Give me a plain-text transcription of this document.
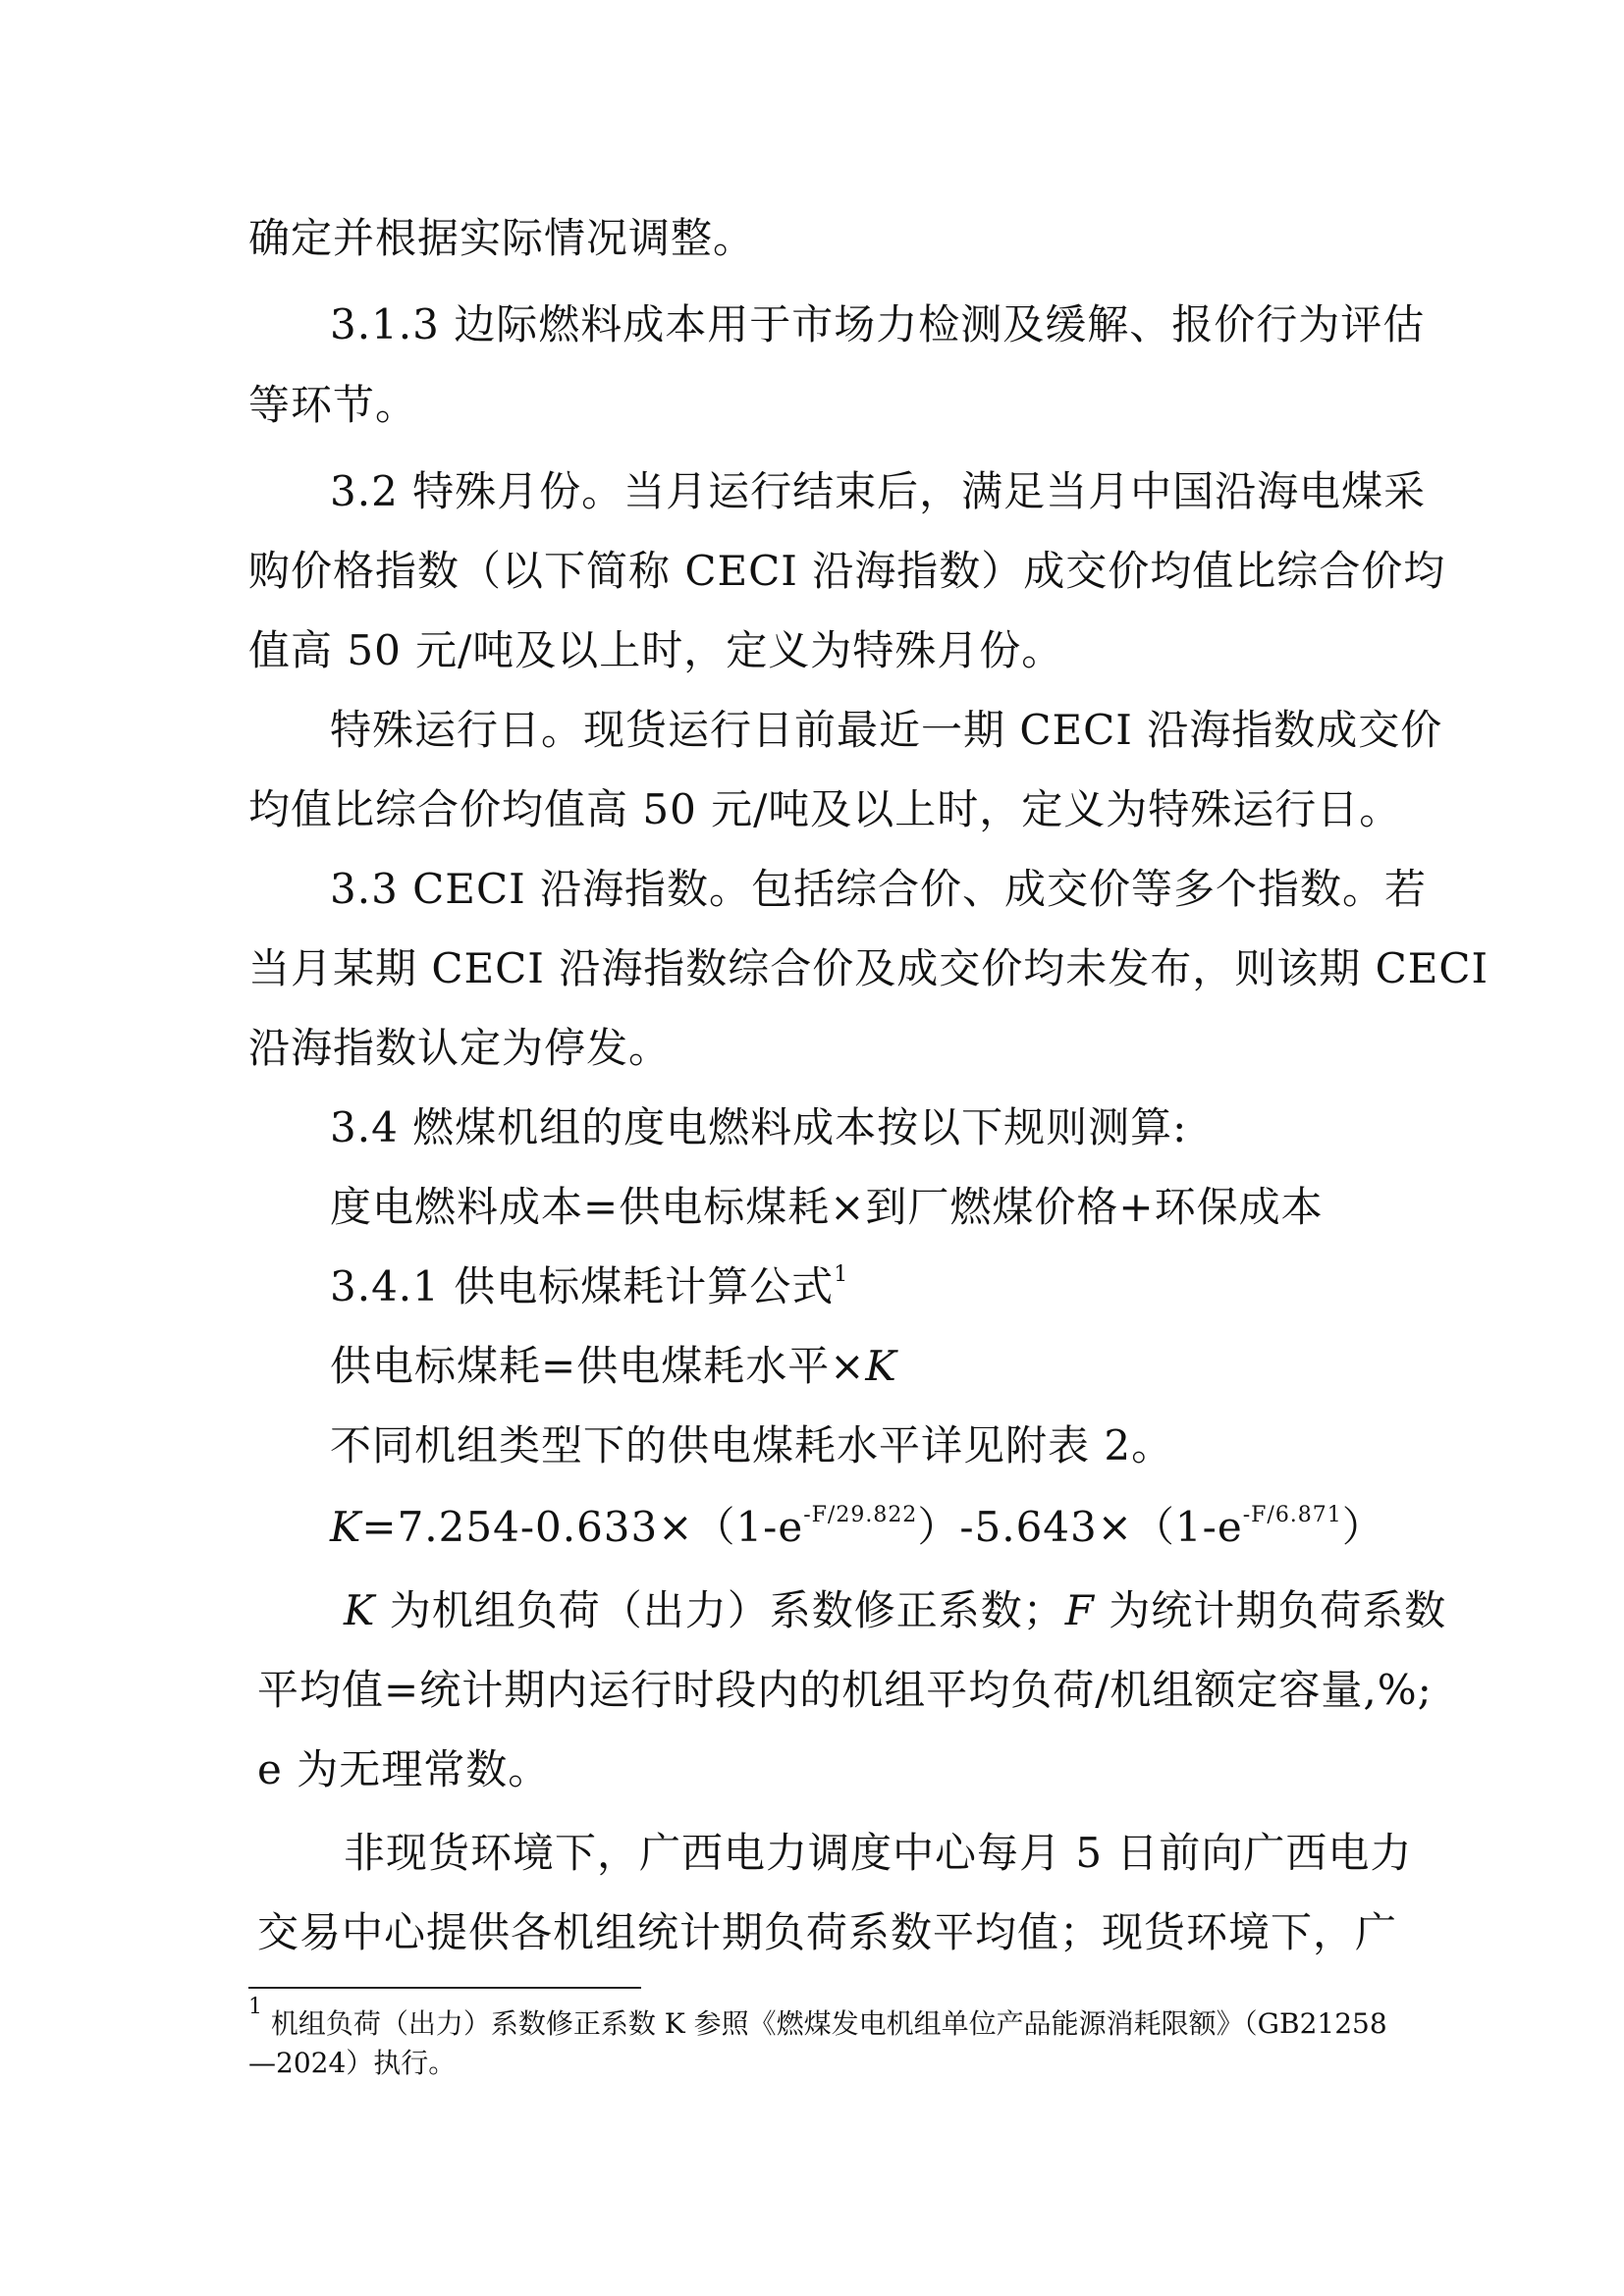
确定并根据实际情况调整。
3.1.3 边际燃料成本用于市场力检测及缓解、报价行为评估
等环节。
3.2 特殊月份。当月运行结束后，满足当月中国沿海电煤采
购价格指数（以下简称 CECI 沿海指数）成交价均值比综合价均
值高 50 元/吨及以上时，定义为特殊月份。
特殊运行日。现货运行日前最近一期 CECI 沿海指数成交价
均值比综合价均值高 50 元/吨及以上时，定义为特殊运行日。
3.3 CECI 沿海指数。包括综合价、成交价等多个指数。若
当月某期 CECI 沿海指数综合价及成交价均未发布，则该期 CECI
沿海指数认定为停发。
3.4 燃煤机组的度电燃料成本按以下规则测算:
度电燃料成本=供电标煤耗×到厂燃煤价格+环保成本
3.4.1 供电标煤耗计算公式$^1$
供电标煤耗=供电煤耗水平×K
不同机组类型下的供电煤耗水平详见附表 2。
$K=7.254-0.633\times(1-e^{-F/29.822})-5.643\times(1-e^{-F/6.871})$
K 为机组负荷（出力）系数修正系数；F 为统计期负荷系数
平均值=统计期内运行时段内的机组平均负荷/机组额定容量,%;
e 为无理常数。
非现货环境下，广西电力调度中心每月 5 日前向广西电力
交易中心提供各机组统计期负荷系数平均值；现货环境下，广
$^1$ 机组负荷（出力）系数修正系数 K 参照《燃煤发电机组单位产品能源消耗限额》（GB21258
—2024）执行。
